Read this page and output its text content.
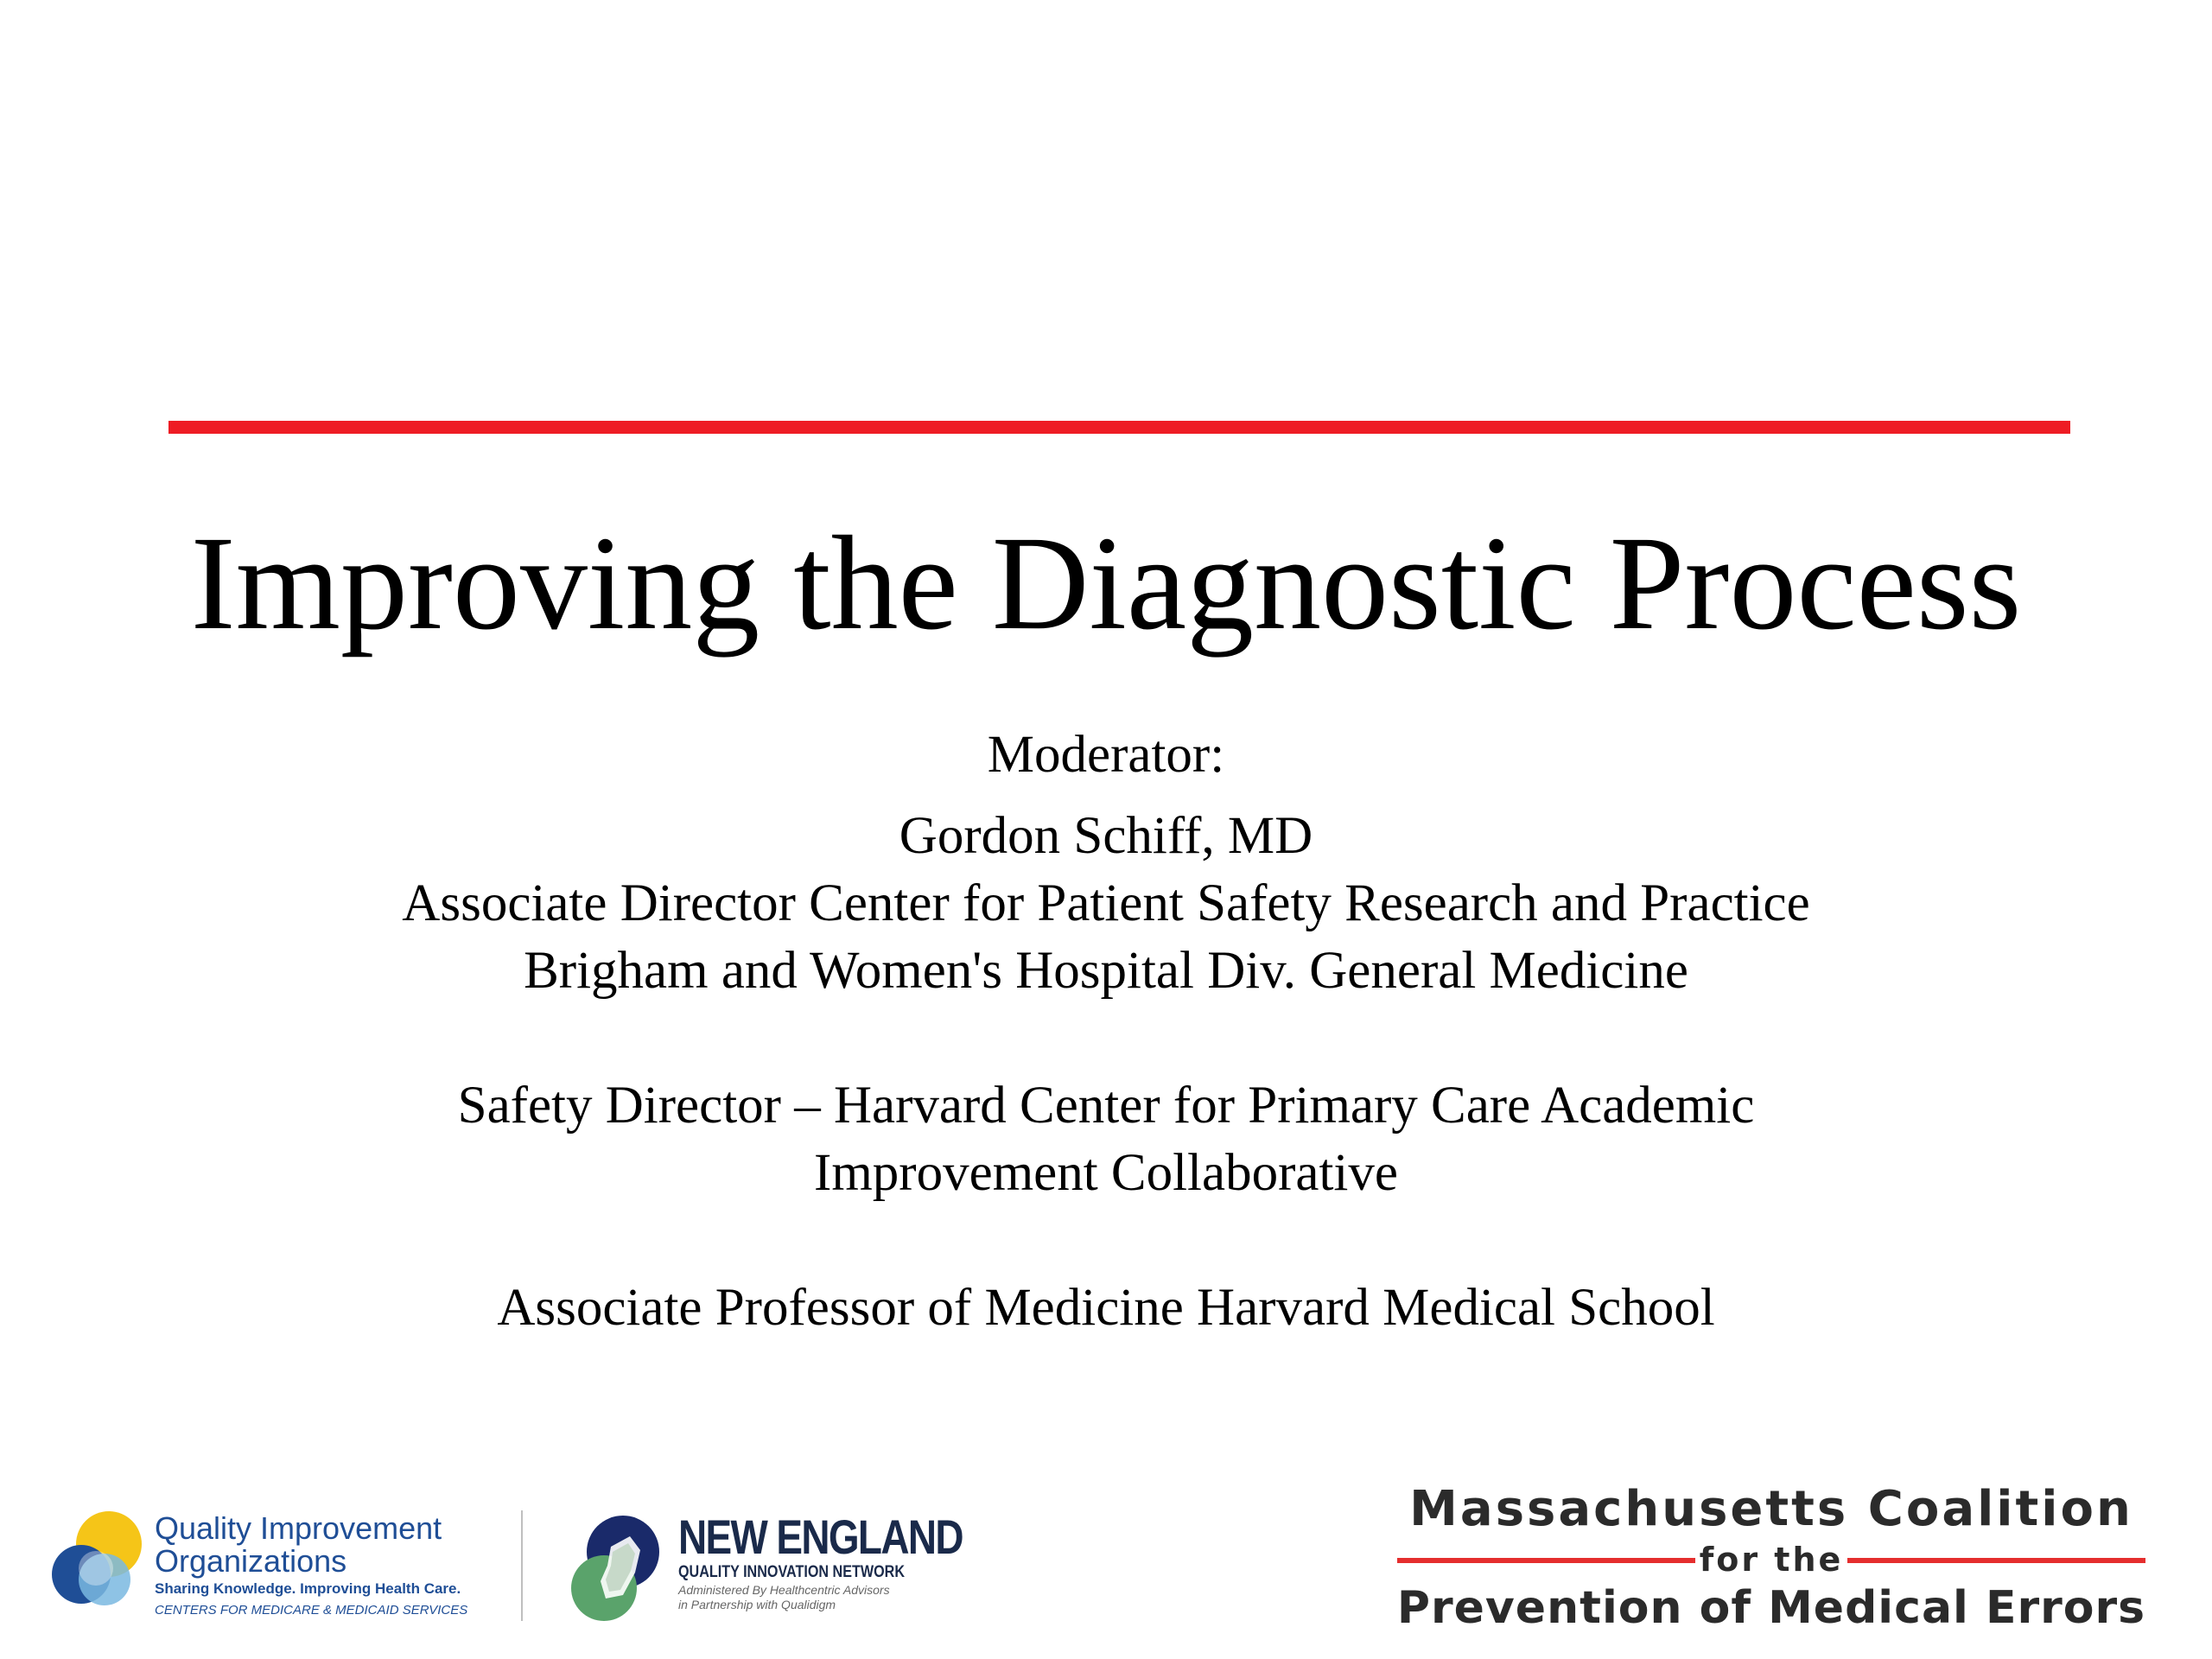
Improving the Diagnostic Process

Moderator:

Gordon Schiff, MD

Associate Director Center for Patient Safety Research and Practice

Brigham and Women's Hospital Div. General Medicine

Safety Director – Harvard Center for Primary Care Academic

Improvement Collaborative

Associate Professor of Medicine Harvard Medical School

Quality Improvement
Organizations
Sharing Knowledge. Improving Health Care.
CENTERS FOR MEDICARE & MEDICAID SERVICES
NEW ENGLAND
QUALITY INNOVATION NETWORK
Administered By Healthcentric Advisors
in Partnership with Qualidigm
Massachusetts Coalition
for the
Prevention of Medical Errors
